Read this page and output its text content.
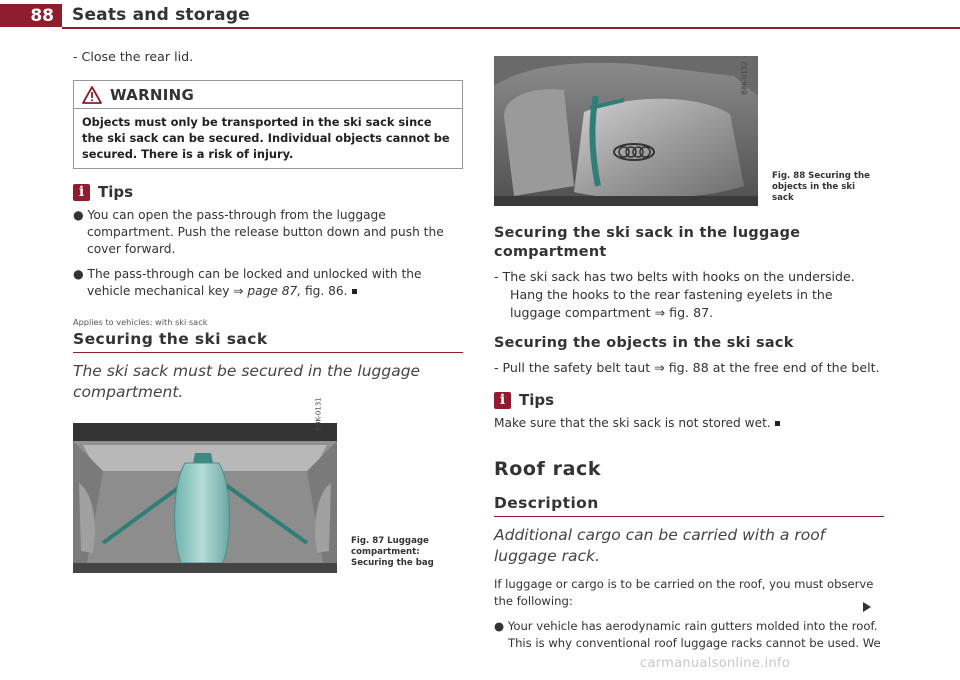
88	Seats and storage

- Close the rear lid.

WARNING
Objects must only be transported in the ski sack since the ski sack can be secured. Individual objects cannot be secured. There is a risk of injury.
i Tips

● You can open the pass-through from the luggage compartment. Push the release button down and push the cover forward.

● The pass-through can be locked and unlocked with the vehicle mechanical key ⇒ page 87, fig. 86.

Applies to vehicles: with ski sack
Securing the ski sack
The ski sack must be secured in the luggage compartment.
Fig. 87 Luggage compartment: Securing the bag
B8K-0131
Fig. 88 Securing the objects in the ski sack
Securing the ski sack in the luggage compartment

- The ski sack has two belts with hooks on the underside. Hang the hooks to the rear fastening eyelets in the luggage compartment ⇒ fig. 87.

Securing the objects in the ski sack

- Pull the safety belt taut ⇒ fig. 88 at the free end of the belt.

i Tips

Make sure that the ski sack is not stored wet.

Roof rack
Description
Additional cargo can be carried with a roof luggage rack.

If luggage or cargo is to be carried on the roof, you must observe the following:

● Your vehicle has aerodynamic rain gutters molded into the roof. This is why conventional roof luggage racks cannot be used. We

B8K-0132
carmanualsonline.info
